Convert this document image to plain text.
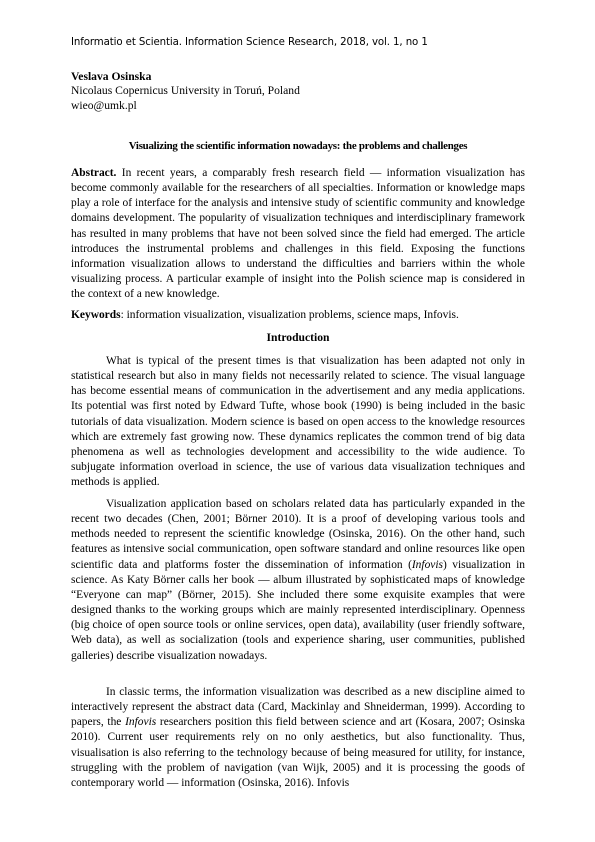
Informatio et Scientia. Information Science Research, 2018, vol. 1, no 1
Veslava Osinska
Nicolaus Copernicus University in Toruń, Poland
wieo@umk.pl
Visualizing the scientific information nowadays: the problems and challenges

Abstract. In recent years, a comparably fresh research field — information visualization has become commonly available for the researchers of all specialties. Information or knowledge maps play a role of interface for the analysis and intensive study of scientific community and knowledge domains development. The popularity of visualization techniques and interdisciplinary framework has resulted in many problems that have not been solved since the field had emerged. The article introduces the instrumental problems and challenges in this field. Exposing the functions information visualization allows to understand the difficulties and barriers within the whole visualizing process. A particular example of insight into the Polish science map is considered in the context of a new knowledge.

Keywords: information visualization, visualization problems, science maps, Infovis.

Introduction

What is typical of the present times is that visualization has been adapted not only in statistical research but also in many fields not necessarily related to science. The visual language has become essential means of communication in the advertisement and any media applications. Its potential was first noted by Edward Tufte, whose book (1990) is being included in the basic tutorials of data visualization. Modern science is based on open access to the knowledge resources which are extremely fast growing now. These dynamics replicates the common trend of big data phenomena as well as technologies development and accessibility to the wide audience. To subjugate information overload in science, the use of various data visualization techniques and methods is applied.

Visualization application based on scholars related data has particularly expanded in the recent two decades (Chen, 2001; Börner 2010). It is a proof of developing various tools and methods needed to represent the scientific knowledge (Osinska, 2016). On the other hand, such features as intensive social communication, open software standard and online resources like open scientific data and platforms foster the dissemination of information (Infovis) visualization in science. As Katy Börner calls her book — album illustrated by sophisticated maps of knowledge “Everyone can map” (Börner, 2015). She included there some exquisite examples that were designed thanks to the working groups which are mainly represented interdisciplinary. Openness (big choice of open source tools or online services, open data), availability (user friendly software, Web data), as well as socialization (tools and experience sharing, user communities, published galleries) describe visualization nowadays.

In classic terms, the information visualization was described as a new discipline aimed to interactively represent the abstract data (Card, Mackinlay and Shneiderman, 1999). According to papers, the Infovis researchers position this field between science and art (Kosara, 2007; Osinska 2010). Current user requirements rely on no only aesthetics, but also functionality. Thus, visualisation is also referring to the technology because of being measured for utility, for instance, struggling with the problem of navigation (van Wijk, 2005) and it is processing the goods of contemporary world — information (Osinska, 2016). Infovis
